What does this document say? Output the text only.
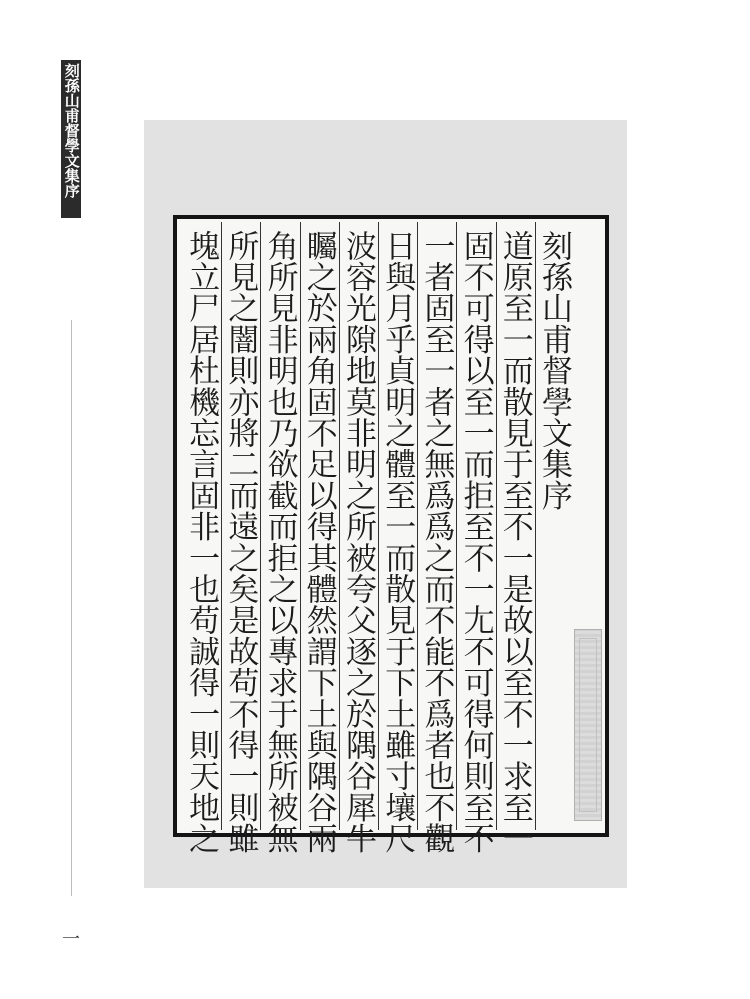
刻孫山甫督學文集序
一
刻孫山甫督學文集序
道原至一而散見于至不一是故以至不一求至一
固不可得以至一而拒至不一尢不可得何則至不
一者固至一者之無爲爲之而不能不爲者也不觀
日與月乎貞明之體至一而散見于下土雖寸壤尺
波容光隙地莫非明之所被夸父逐之於隅谷犀牛
矚之於兩角固不足以得其體然謂下土與隅谷兩
角所見非明也乃欲截而拒之以專求于無所被無
所見之闇則亦將二而遠之矣是故苟不得一則雖
塊立尸居杜機忘言固非一也苟誠得一則天地之
